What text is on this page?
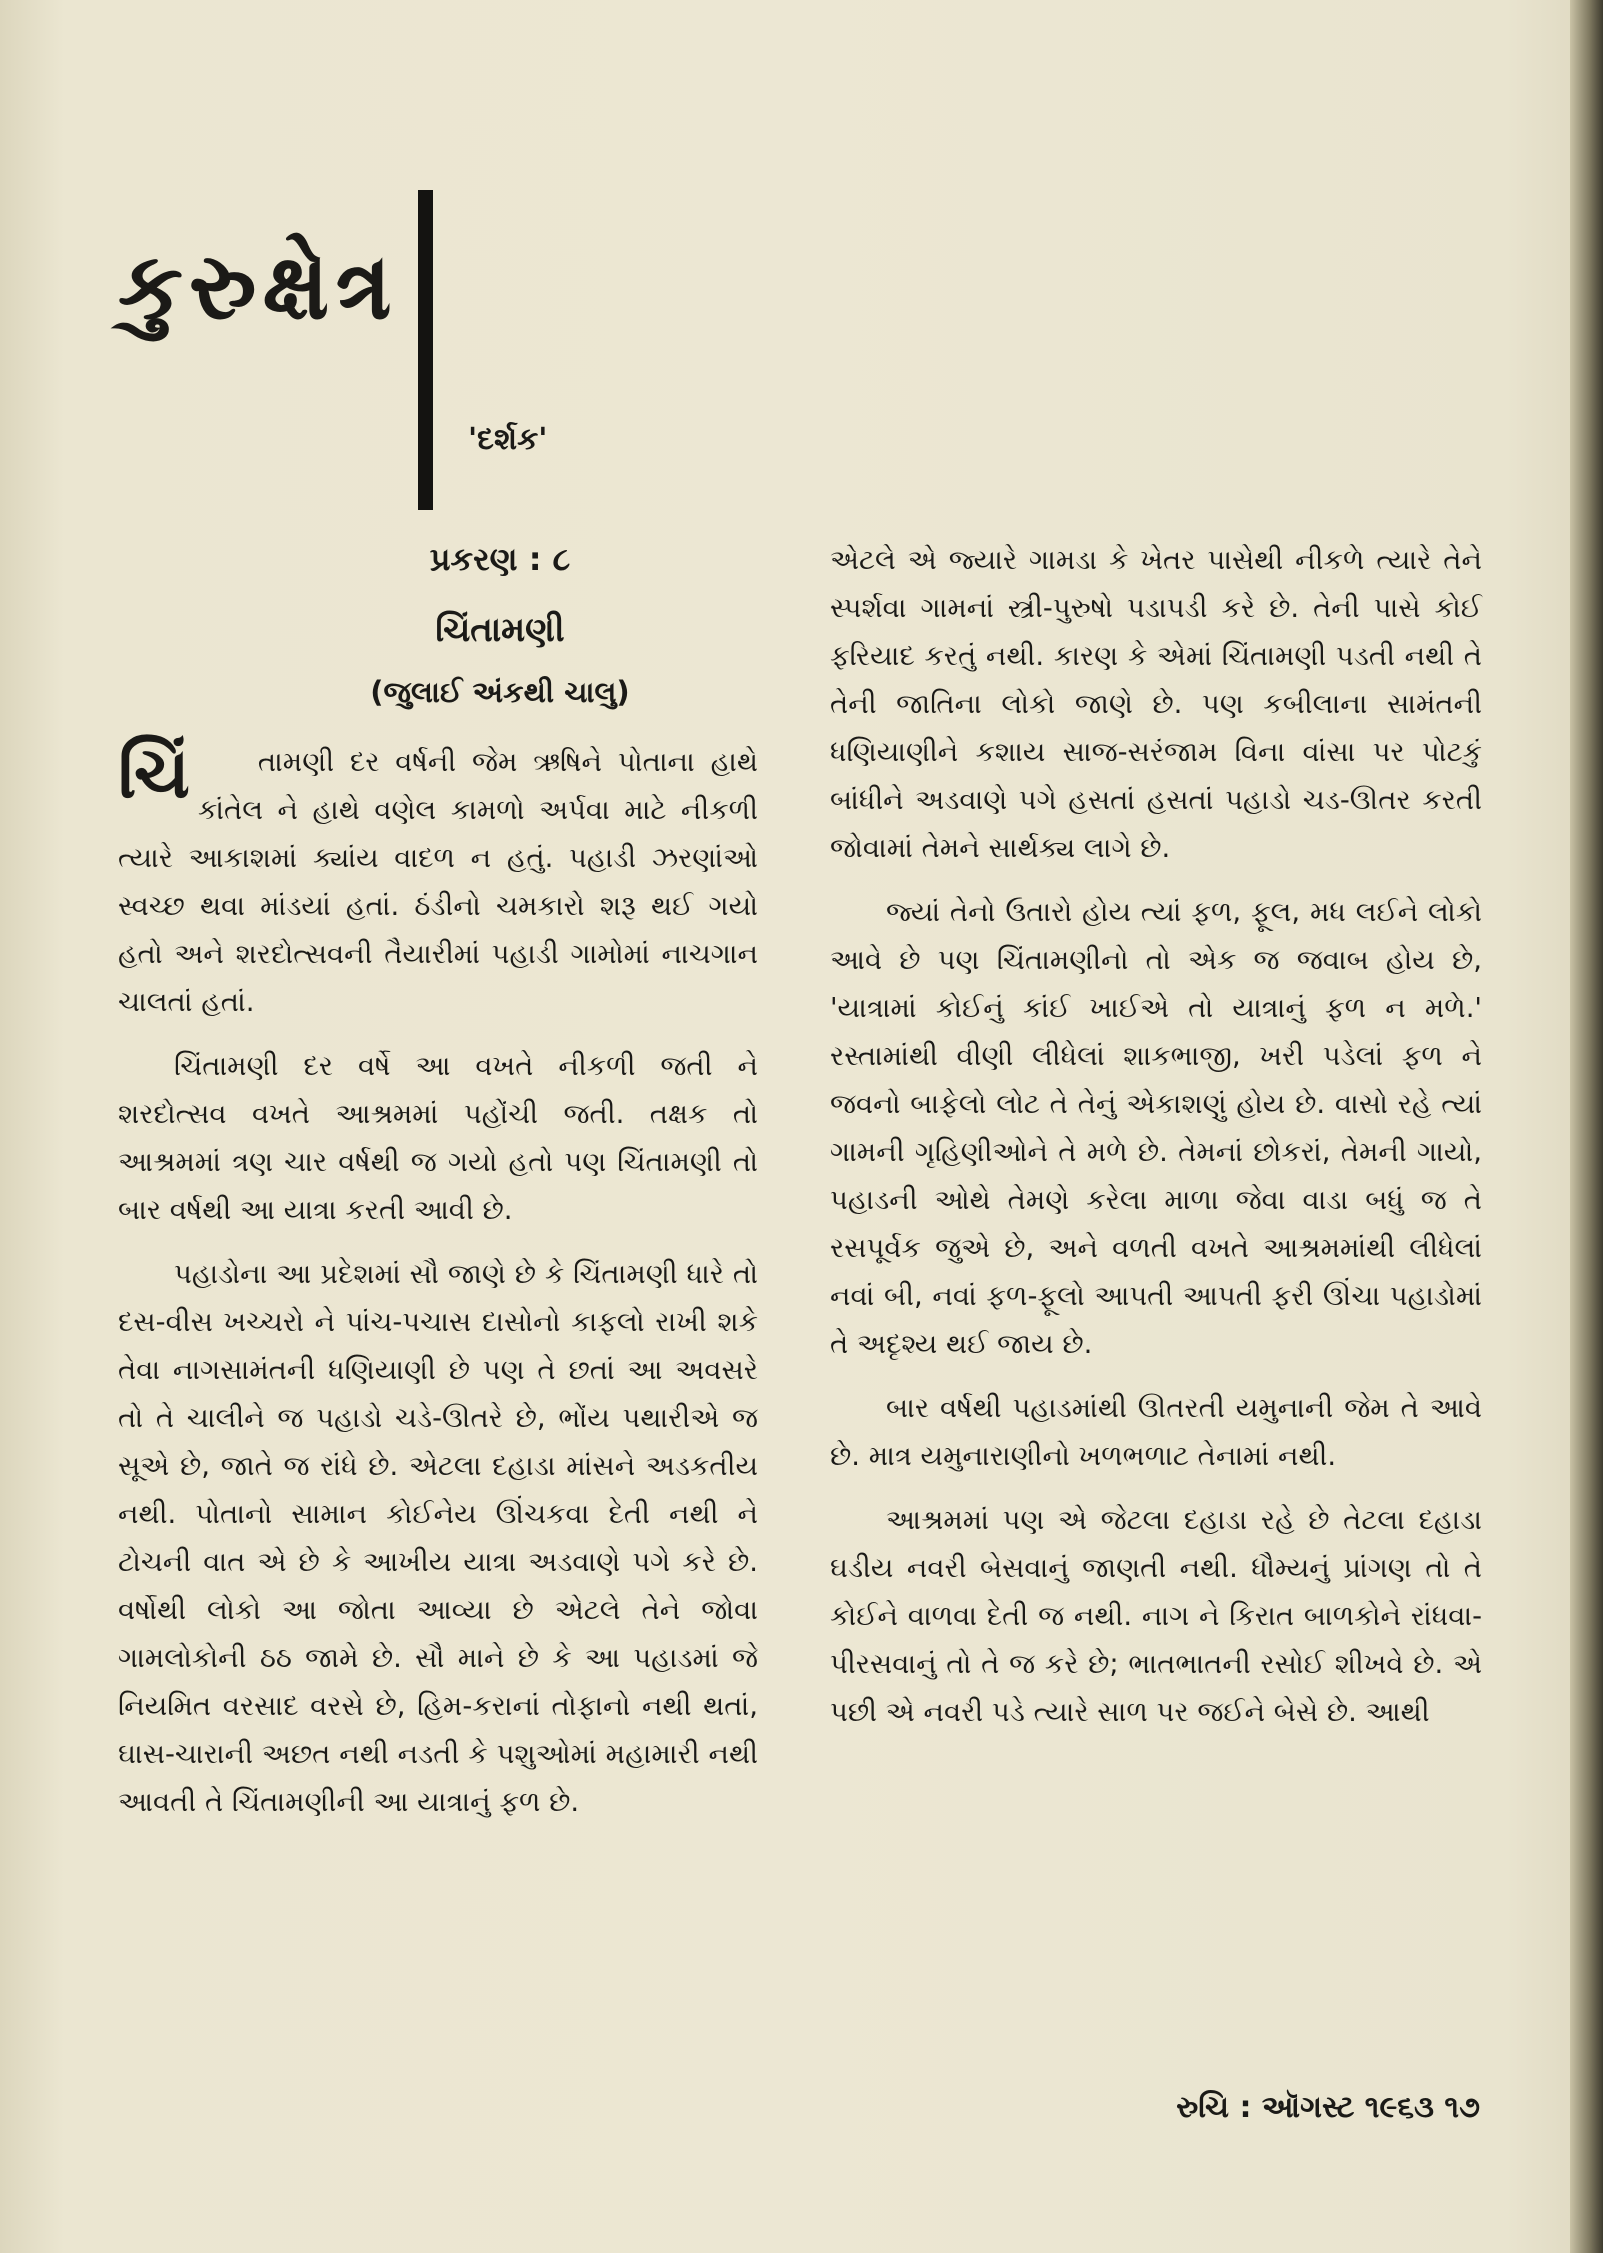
કુરુક્ષેત્ર
'દર્શક'
પ્રકરણ : ૮
ચિંતામણી
(જુલાઈ અંકથી ચાલુ)

ચિં તામણી દર વર્ષની જેમ ઋષિને પોતાના હાથે કાંતેલ ને હાથે વણેલ કામળો અર્પવા માટે નીકળી ત્યારે આકાશમાં ક્યાંય વાદળ ન હતું. પહાડી ઝરણાંઓ સ્વચ્છ થવા માંડયાં હતાં. ઠંડીનો ચમકારો શરૂ થઈ ગયો હતો અને શરદોત્સવની તૈયારીમાં પહાડી ગામોમાં નાચગાન ચાલતાં હતાં.

ચિંતામણી દર વર્ષે આ વખતે નીકળી જતી ને શરદોત્સવ વખતે આશ્રમમાં પહોંચી જતી. તક્ષક તો આશ્રમમાં ત્રણ ચાર વર્ષથી જ ગયો હતો પણ ચિંતામણી તો બાર વર્ષથી આ યાત્રા કરતી આવી છે.

પહાડોના આ પ્રદેશમાં સૌ જાણે છે કે ચિંતામણી ધારે તો દસ-વીસ ખચ્ચરો ને પાંચ-પચાસ દાસોનો કાફલો રાખી શકે તેવા નાગસામંતની ધણિયાણી છે પણ તે છતાં આ અવસરે તો તે ચાલીને જ પહાડો ચડે-ઊતરે છે, ભોંય પથારીએ જ સૂએ છે, જાતે જ રાંધે છે. એટલા દહાડા માંસને અડકતીય નથી. પોતાનો સામાન કોઈનેય ઊંચકવા દેતી નથી ને ટોચની વાત એ છે કે આખીય યાત્રા અડવાણે પગે કરે છે. વર્ષોથી લોકો આ જોતા આવ્યા છે એટલે તેને જોવા ગામલોકોની ઠઠ જામે છે. સૌ માને છે કે આ પહાડમાં જે નિયમિત વરસાદ વરસે છે, હિમ-કરાનાં તોફાનો નથી થતાં, ઘાસ-ચારાની અછત નથી નડતી કે પશુઓમાં મહામારી નથી આવતી તે ચિંતામણીની આ યાત્રાનું ફળ છે.

એટલે એ જ્યારે ગામડા કે ખેતર પાસેથી નીકળે ત્યારે તેને સ્પર્શવા ગામનાં સ્ત્રી-પુરુષો પડાપડી કરે છે. તેની પાસે કોઈ ફરિયાદ કરતું નથી. કારણ કે એમાં ચિંતામણી પડતી નથી તે તેની જાતિના લોકો જાણે છે. પણ કબીલાના સામંતની ધણિયાણીને કશાય સાજ-સરંજામ વિના વાંસા પર પોટકું બાંધીને અડવાણે પગે હસતાં હસતાં પહાડો ચડ-ઊતર કરતી જોવામાં તેમને સાર્થક્ય લાગે છે.

જ્યાં તેનો ઉતારો હોય ત્યાં ફળ, ફૂલ, મધ લઈને લોકો આવે છે પણ ચિંતામણીનો તો એક જ જવાબ હોય છે, 'યાત્રામાં કોઈનું કાંઈ ખાઈએ તો યાત્રાનું ફળ ન મળે.' રસ્તામાંથી વીણી લીધેલાં શાકભાજી, ખરી પડેલાં ફળ ને જવનો બાફેલો લોટ તે તેનું એકાશણું હોય છે. વાસો રહે ત્યાં ગામની ગૃહિણીઓને તે મળે છે. તેમનાં છોકરાં, તેમની ગાયો, પહાડની ઓથે તેમણે કરેલા માળા જેવા વાડા બધું જ તે રસપૂર્વક જુએ છે, અને વળતી વખતે આશ્રમમાંથી લીધેલાં નવાં બી, નવાં ફળ-ફૂલો આપતી આપતી ફરી ઊંચા પહાડોમાં તે અદૃશ્ય થઈ જાય છે.

બાર વર્ષથી પહાડમાંથી ઊતરતી યમુનાની જેમ તે આવે છે. માત્ર યમુનારાણીનો ખળભળાટ તેનામાં નથી.

આશ્રમમાં પણ એ જેટલા દહાડા રહે છે તેટલા દહાડા ઘડીય નવરી બેસવાનું જાણતી નથી. ધૌમ્યનું પ્રાંગણ તો તે કોઈને વાળવા દેતી જ નથી. નાગ ને કિરાત બાળકોને રાંધવા-પીરસવાનું તો તે જ કરે છે; ભાતભાતની રસોઈ શીખવે છે. એ પછી એ નવરી પડે ત્યારે સાળ પર જઈને બેસે છે. આથી

રુચિ : ઑગસ્ટ ૧૯૬૩ ૧૭
